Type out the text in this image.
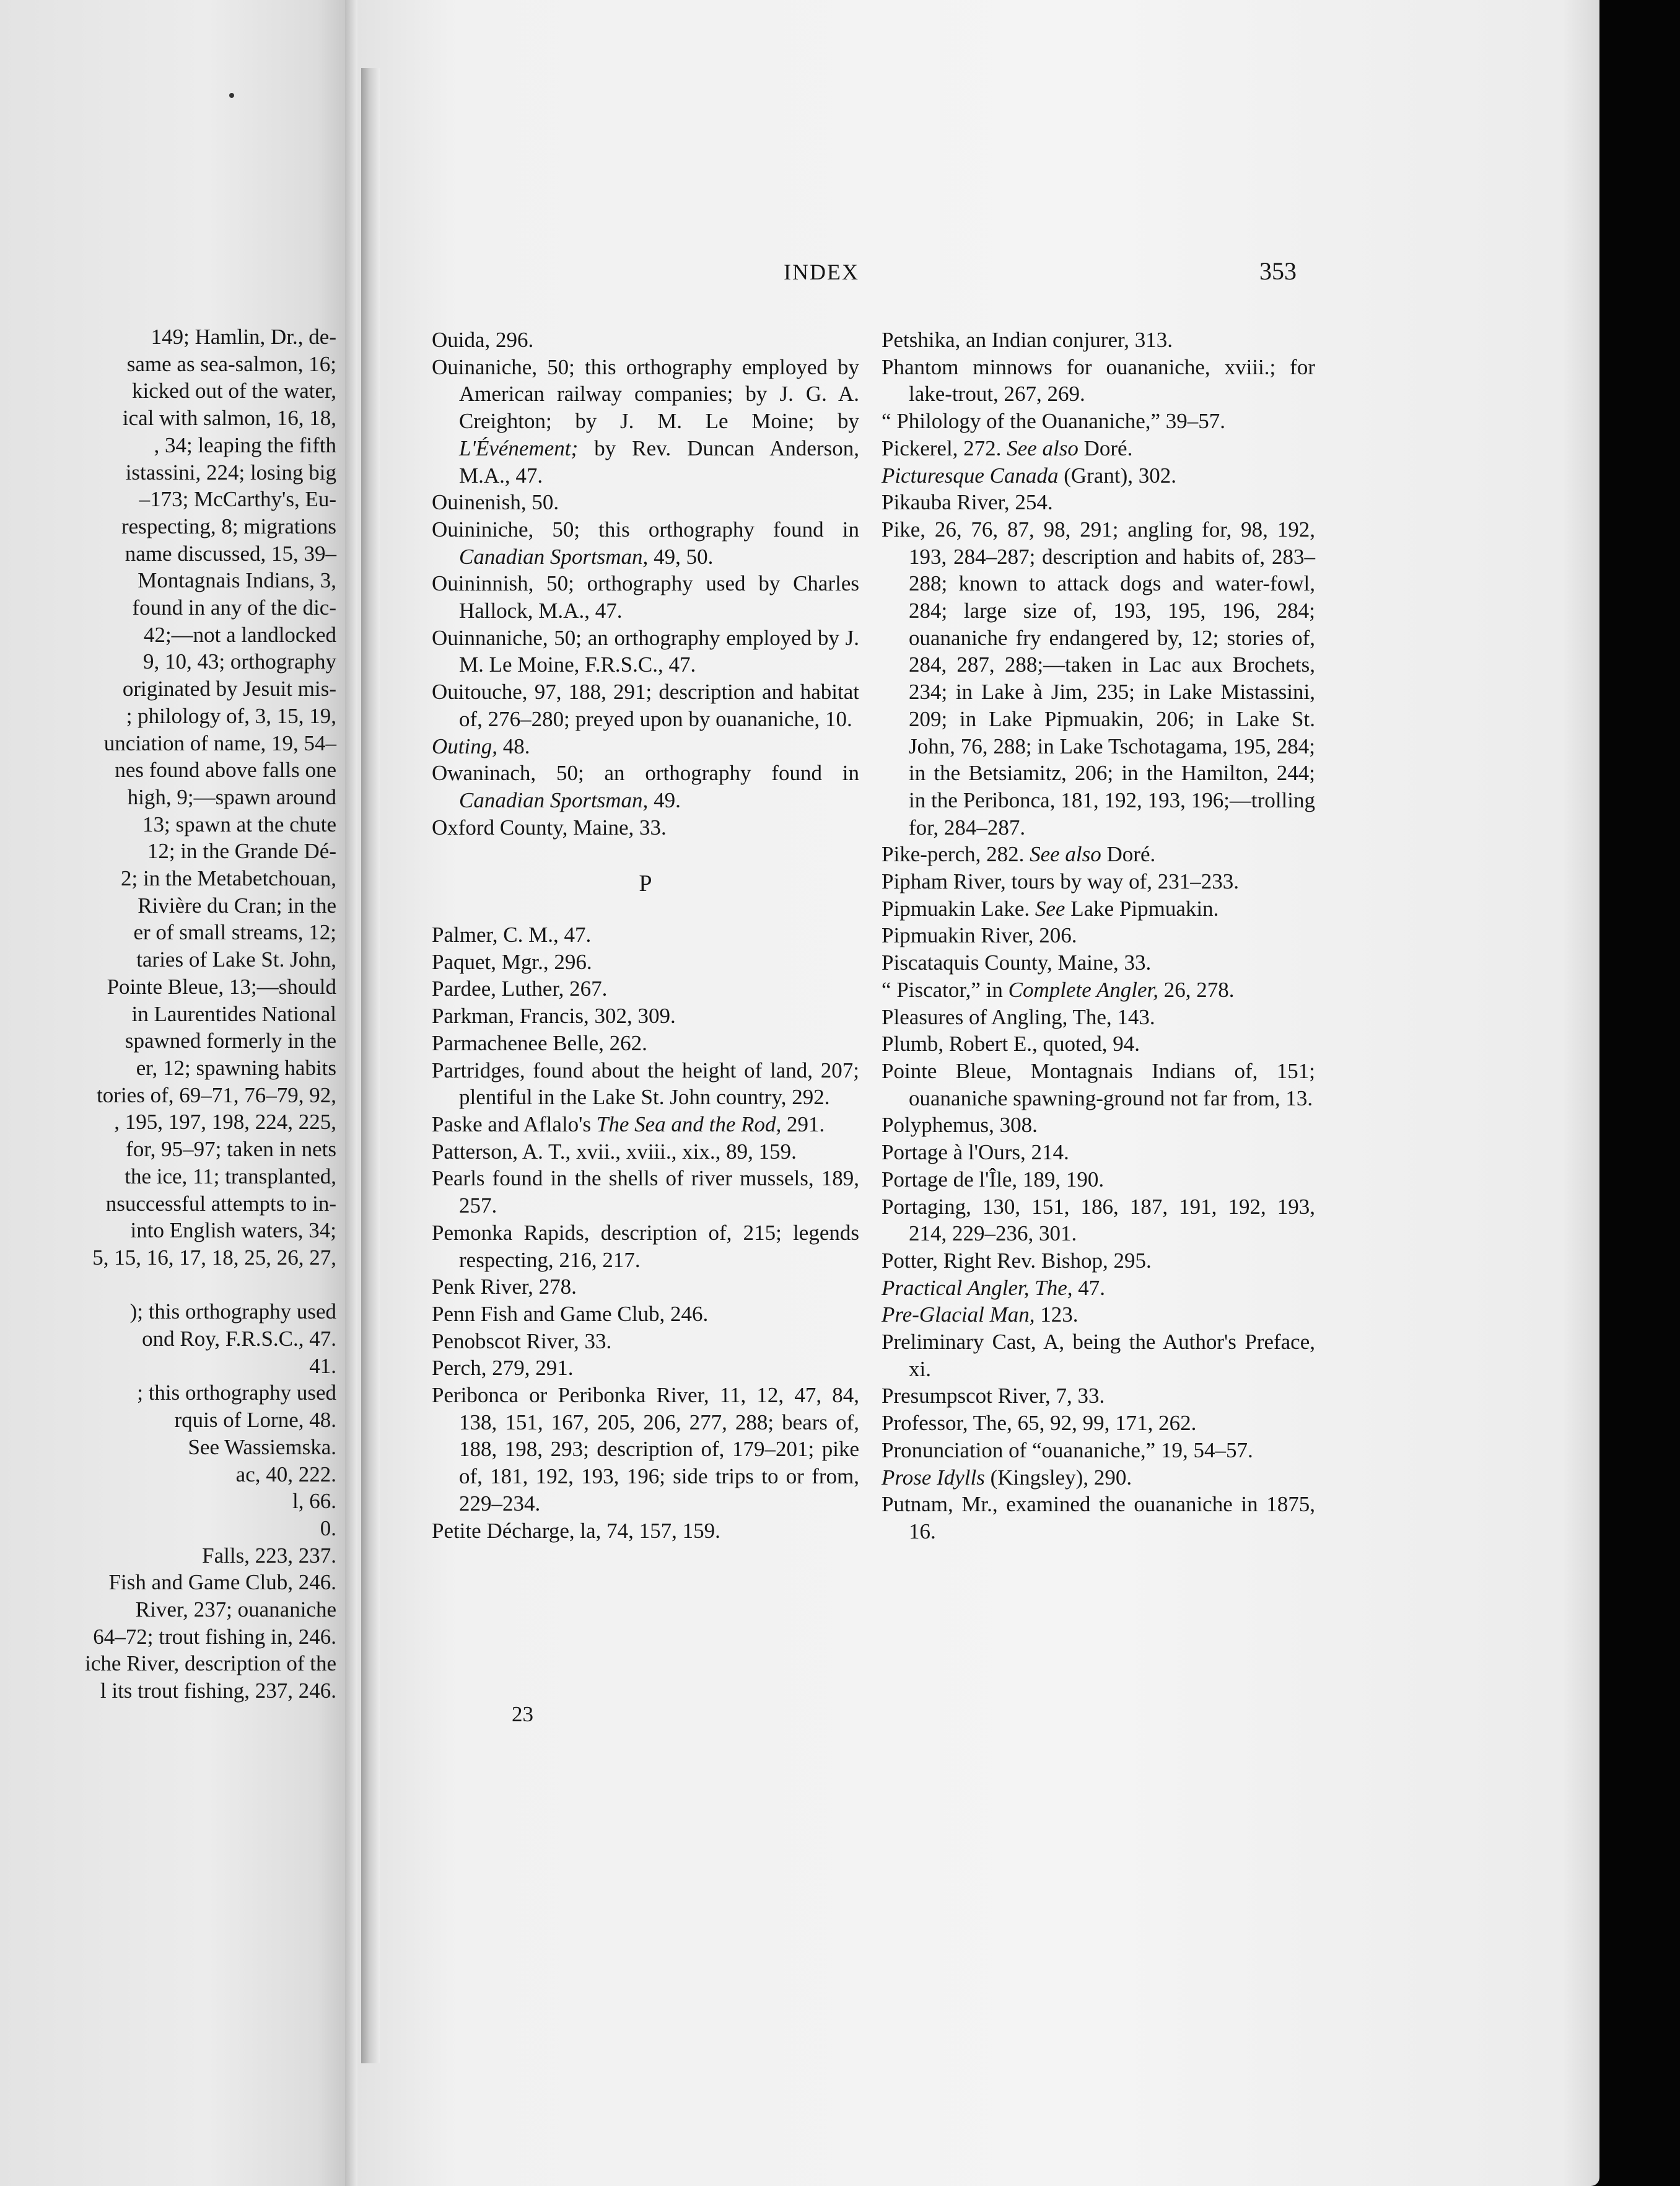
149; Hamlin, Dr., de-
same as sea-salmon, 16;
kicked out of the water,
ical with salmon, 16, 18,
, 34; leaping the fifth
istassini, 224; losing big
–173; McCarthy's, Eu-
respecting, 8; migrations
name discussed, 15, 39–
Montagnais Indians, 3,
found in any of the dic-
42;—not a landlocked
9, 10, 43; orthography
originated by Jesuit mis-
; philology of, 3, 15, 19,
unciation of name, 19, 54–
nes found above falls one
high, 9;—spawn around
13; spawn at the chute
12; in the Grande Dé-
2; in the Metabetchouan,
Rivière du Cran; in the
er of small streams, 12;
taries of Lake St. John,
Pointe Bleue, 13;—should
in Laurentides National
spawned formerly in the
er, 12; spawning habits
tories of, 69–71, 76–79, 92,
, 195, 197, 198, 224, 225,
for, 95–97; taken in nets
the ice, 11; transplanted,
nsuccessful attempts to in-
into English waters, 34;
5, 15, 16, 17, 18, 25, 26, 27,

); this orthography used
ond Roy, F.R.S.C., 47.
41.
; this orthography used
rquis of Lorne, 48.
See Wassiemska.
ac, 40, 222.
l, 66.
0.
Falls, 223, 237.
Fish and Game Club, 246.
River, 237; ouananiche
64–72; trout fishing in, 246.
iche River, description of the
l its trout fishing, 237, 246.
INDEX	353
Ouida, 296.
Ouinaniche, 50; this orthography employed by American railway companies; by J. G. A. Creighton; by J. M. Le Moine; by L'Événement; by Rev. Duncan Anderson, M.A., 47.
Ouinenish, 50.
Ouininiche, 50; this orthography found in Canadian Sportsman, 49, 50.
Ouininnish, 50; orthography used by Charles Hallock, M.A., 47.
Ouinnaniche, 50; an orthography employed by J. M. Le Moine, F.R.S.C., 47.
Ouitouche, 97, 188, 291; description and habitat of, 276–280; preyed upon by ouananiche, 10.
Outing, 48.
Owaninach, 50; an orthography found in Canadian Sportsman, 49.
Oxford County, Maine, 33.
P
Palmer, C. M., 47.
Paquet, Mgr., 296.
Pardee, Luther, 267.
Parkman, Francis, 302, 309.
Parmachenee Belle, 262.
Partridges, found about the height of land, 207; plentiful in the Lake St. John country, 292.
Paske and Aflalo's The Sea and the Rod, 291.
Patterson, A. T., xvii., xviii., xix., 89, 159.
Pearls found in the shells of river mussels, 189, 257.
Pemonka Rapids, description of, 215; legends respecting, 216, 217.
Penk River, 278.
Penn Fish and Game Club, 246.
Penobscot River, 33.
Perch, 279, 291.
Periboncа or Peribonka River, 11, 12, 47, 84, 138, 151, 167, 205, 206, 277, 288; bears of, 188, 198, 293; description of, 179–201; pike of, 181, 192, 193, 196; side trips to or from, 229–234.
Petite Décharge, la, 74, 157, 159.
Petshika, an Indian conjurer, 313.
Phantom minnows for ouananiche, xviii.; for lake-trout, 267, 269.
“ Philology of the Ouananiche,” 39–57.
Pickerel, 272. See also Doré.
Picturesque Canada (Grant), 302.
Pikauba River, 254.
Pike, 26, 76, 87, 98, 291; angling for, 98, 192, 193, 284–287; description and habits of, 283–288; known to attack dogs and water-fowl, 284; large size of, 193, 195, 196, 284; ouananiche fry endangered by, 12; stories of, 284, 287, 288;—taken in Lac aux Brochets, 234; in Lake à Jim, 235; in Lake Mistassini, 209; in Lake Pipmuakin, 206; in Lake St. John, 76, 288; in Lake Tschotagama, 195, 284; in the Betsiamitz, 206; in the Hamilton, 244; in the Peribonca, 181, 192, 193, 196;—trolling for, 284–287.
Pike-perch, 282. See also Doré.
Pipham River, tours by way of, 231–233.
Pipmuakin Lake. See Lake Pipmuakin.
Pipmuakin River, 206.
Piscataquis County, Maine, 33.
“ Piscator,” in Complete Angler, 26, 278.
Pleasures of Angling, The, 143.
Plumb, Robert E., quoted, 94.
Pointe Bleue, Montagnais Indians of, 151; ouananiche spawning-ground not far from, 13.
Polyphemus, 308.
Portage à l'Ours, 214.
Portage de l'Île, 189, 190.
Portaging, 130, 151, 186, 187, 191, 192, 193, 214, 229–236, 301.
Potter, Right Rev. Bishop, 295.
Practical Angler, The, 47.
Pre-Glacial Man, 123.
Preliminary Cast, A, being the Author's Preface, xi.
Presumpscot River, 7, 33.
Professor, The, 65, 92, 99, 171, 262.
Pronunciation of “ouananiche,” 19, 54–57.
Prose Idylls (Kingsley), 290.
Putnam, Mr., examined the ouananiche in 1875, 16.
23
